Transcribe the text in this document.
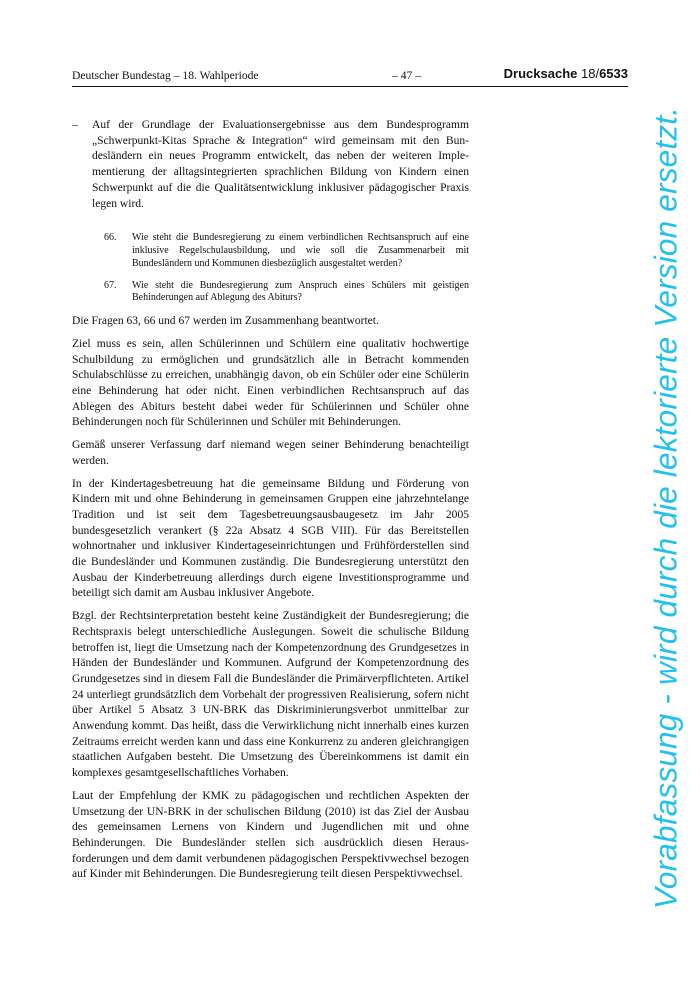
Deutscher Bundestag – 18. Wahlperiode	– 47 –	Drucksache 18/6533
– Auf der Grundlage der Evaluationsergebnisse aus dem Bundesprogramm „Schwerpunkt-Kitas Sprache & Integration“ wird gemeinsam mit den Bundesländern ein neues Programm entwickelt, das neben der weiteren Implementierung der alltagsintegrierten sprachlichen Bildung von Kindern einen Schwerpunkt auf die die Qualitätsentwicklung inklusiver pädagogischer Praxis legen wird.
66. Wie steht die Bundesregierung zu einem verbindlichen Rechtsanspruch auf eine inklusive Regelschulausbildung, und wie soll die Zusammenarbeit mit Bundesländern und Kommunen diesbezüglich ausgestaltet werden?
67. Wie steht die Bundesregierung zum Anspruch eines Schülers mit geistigen Behinderungen auf Ablegung des Abiturs?

Die Fragen 63, 66 und 67 werden im Zusammenhang beantwortet.

Ziel muss es sein, allen Schülerinnen und Schülern eine qualitativ hochwertige Schulbildung zu ermöglichen und grundsätzlich alle in Betracht kommenden Schulabschlüsse zu erreichen, unabhängig davon, ob ein Schüler oder eine Schülerin eine Behinderung hat oder nicht. Einen verbindlichen Rechtsanspruch auf das Ablegen des Abiturs besteht dabei weder für Schülerinnen und Schüler ohne Behinderungen noch für Schülerinnen und Schüler mit Behinderungen.

Gemäß unserer Verfassung darf niemand wegen seiner Behinderung benachteiligt werden.

In der Kindertagesbetreuung hat die gemeinsame Bildung und Förderung von Kindern mit und ohne Behinderung in gemeinsamen Gruppen eine jahrzehntelange Tradition und ist seit dem Tagesbetreuungsausbaugesetz im Jahr 2005 bundesgesetzlich verankert (§ 22a Absatz 4 SGB VIII). Für das Bereitstellen wohnortnaher und inklusiver Kindertageseinrichtungen und Frühförderstellen sind die Bundesländer und Kommunen zuständig. Die Bundesregierung unterstützt den Ausbau der Kinderbetreuung allerdings durch eigene Investitionsprogramme und beteiligt sich damit am Ausbau inklusiver Angebote.

Bzgl. der Rechtsinterpretation besteht keine Zuständigkeit der Bundesregierung; die Rechtspraxis belegt unterschiedliche Auslegungen. Soweit die schulische Bildung betroffen ist, liegt die Umsetzung nach der Kompetenzordnung des Grundgesetzes in Händen der Bundesländer und Kommunen. Aufgrund der Kompetenzordnung des Grundgesetzes sind in diesem Fall die Bundesländer die Primärverpflichteten. Artikel 24 unterliegt grundsätzlich dem Vorbehalt der progressiven Realisierung, sofern nicht über Artikel 5 Absatz 3 UN-BRK das Diskriminierungsverbot unmittelbar zur Anwendung kommt. Das heißt, dass die Verwirklichung nicht innerhalb eines kurzen Zeitraums erreicht werden kann und dass eine Konkurrenz zu anderen gleichrangigen staatlichen Aufgaben besteht. Die Umsetzung des Übereinkommens ist damit ein komplexes gesamtgesellschaftliches Vorhaben.

Laut der Empfehlung der KMK zu pädagogischen und rechtlichen Aspekten der Umsetzung der UN-BRK in der schulischen Bildung (2010) ist das Ziel der Ausbau des gemeinsamen Lernens von Kindern und Jugendlichen mit und ohne Behinderungen. Die Bundesländer stellen sich ausdrücklich diesen Herausforderungen und dem damit verbundenen pädagogischen Perspektivwechsel bezogen auf Kinder mit Behinderungen. Die Bundesregierung teilt diesen Perspektivwechsel.	Vorabfassung - wird durch die lektorierte Version ersetzt.
